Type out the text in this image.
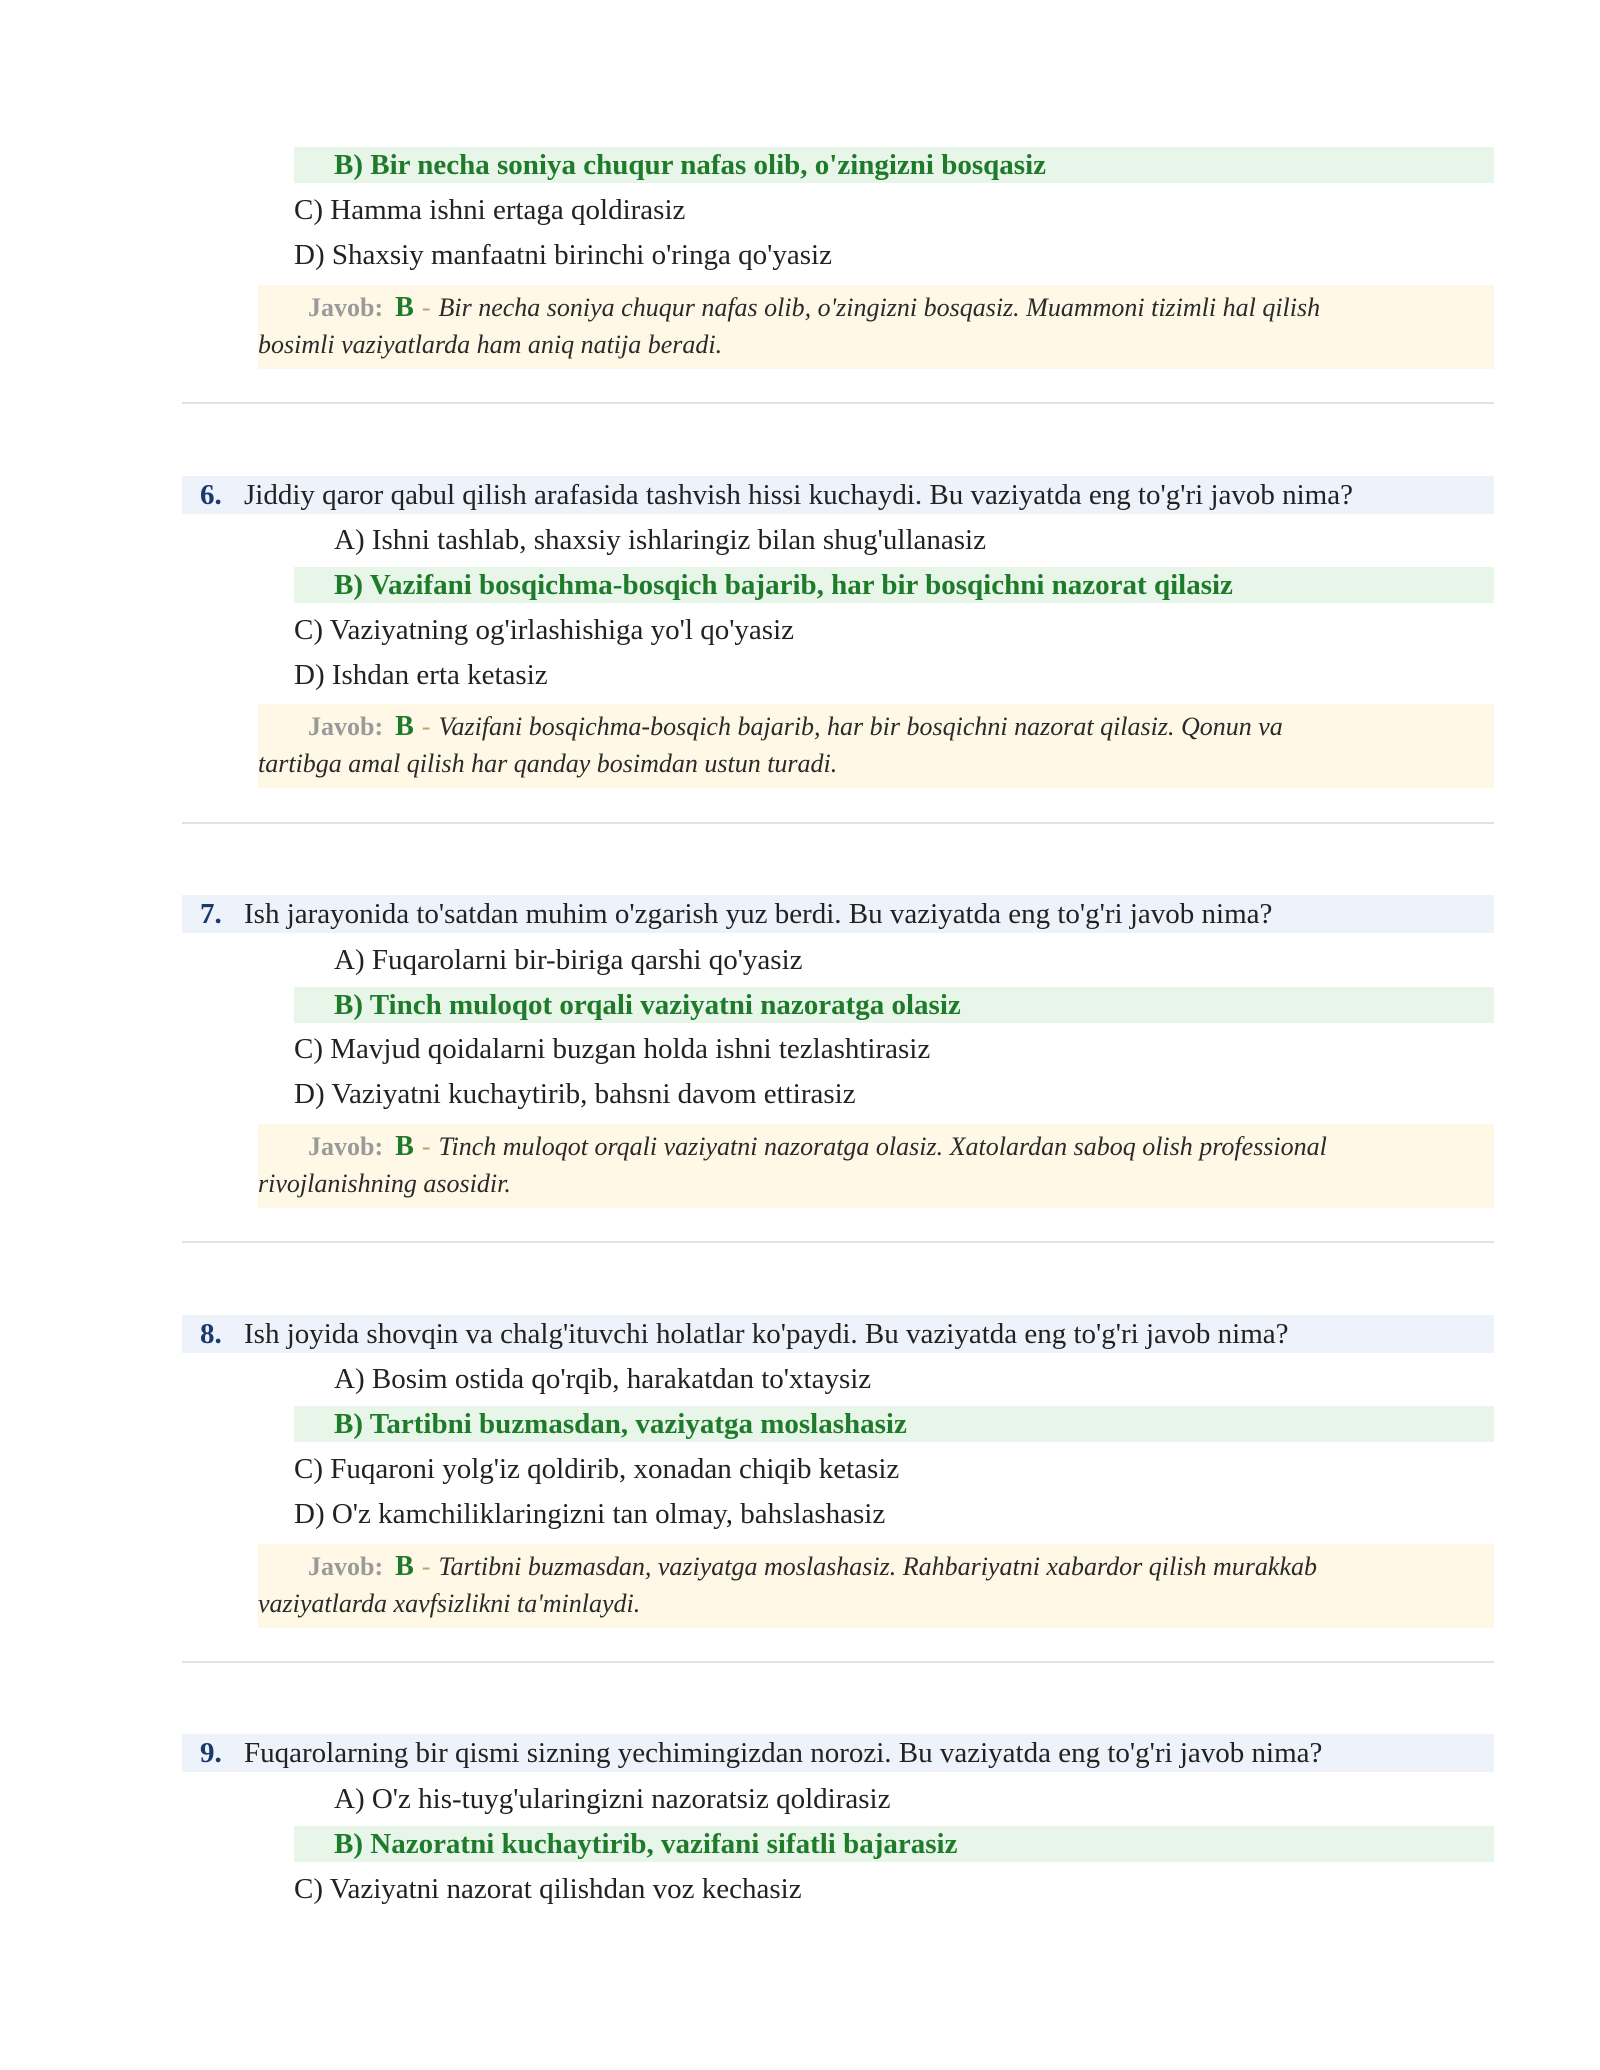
B) Bir necha soniya chuqur nafas olib, o'zingizni bosqasiz
C) Hamma ishni ertaga qoldirasiz
D) Shaxsiy manfaatni birinchi o'ringa qo'yasiz
Javob: B - Bir necha soniya chuqur nafas olib, o'zingizni bosqasiz. Muammoni tizimli hal qilish
bosimli vaziyatlarda ham aniq natija beradi.
6. Jiddiy qaror qabul qilish arafasida tashvish hissi kuchaydi. Bu vaziyatda eng to'g'ri javob nima?
A) Ishni tashlab, shaxsiy ishlaringiz bilan shug'ullanasiz
B) Vazifani bosqichma-bosqich bajarib, har bir bosqichni nazorat qilasiz
C) Vaziyatning og'irlashishiga yo'l qo'yasiz
D) Ishdan erta ketasiz
Javob: B - Vazifani bosqichma-bosqich bajarib, har bir bosqichni nazorat qilasiz. Qonun va
tartibga amal qilish har qanday bosimdan ustun turadi.
7. Ish jarayonida to'satdan muhim o'zgarish yuz berdi. Bu vaziyatda eng to'g'ri javob nima?
A) Fuqarolarni bir-biriga qarshi qo'yasiz
B) Tinch muloqot orqali vaziyatni nazoratga olasiz
C) Mavjud qoidalarni buzgan holda ishni tezlashtirasiz
D) Vaziyatni kuchaytirib, bahsni davom ettirasiz
Javob: B - Tinch muloqot orqali vaziyatni nazoratga olasiz. Xatolardan saboq olish professional
rivojlanishning asosidir.
8. Ish joyida shovqin va chalg'ituvchi holatlar ko'paydi. Bu vaziyatda eng to'g'ri javob nima?
A) Bosim ostida qo'rqib, harakatdan to'xtaysiz
B) Tartibni buzmasdan, vaziyatga moslashasiz
C) Fuqaroni yolg'iz qoldirib, xonadan chiqib ketasiz
D) O'z kamchiliklaringizni tan olmay, bahslashasiz
Javob: B - Tartibni buzmasdan, vaziyatga moslashasiz. Rahbariyatni xabardor qilish murakkab
vaziyatlarda xavfsizlikni ta'minlaydi.
9. Fuqarolarning bir qismi sizning yechimingizdan norozi. Bu vaziyatda eng to'g'ri javob nima?
A) O'z his-tuyg'ularingizni nazoratsiz qoldirasiz
B) Nazoratni kuchaytirib, vazifani sifatli bajarasiz
C) Vaziyatni nazorat qilishdan voz kechasiz
